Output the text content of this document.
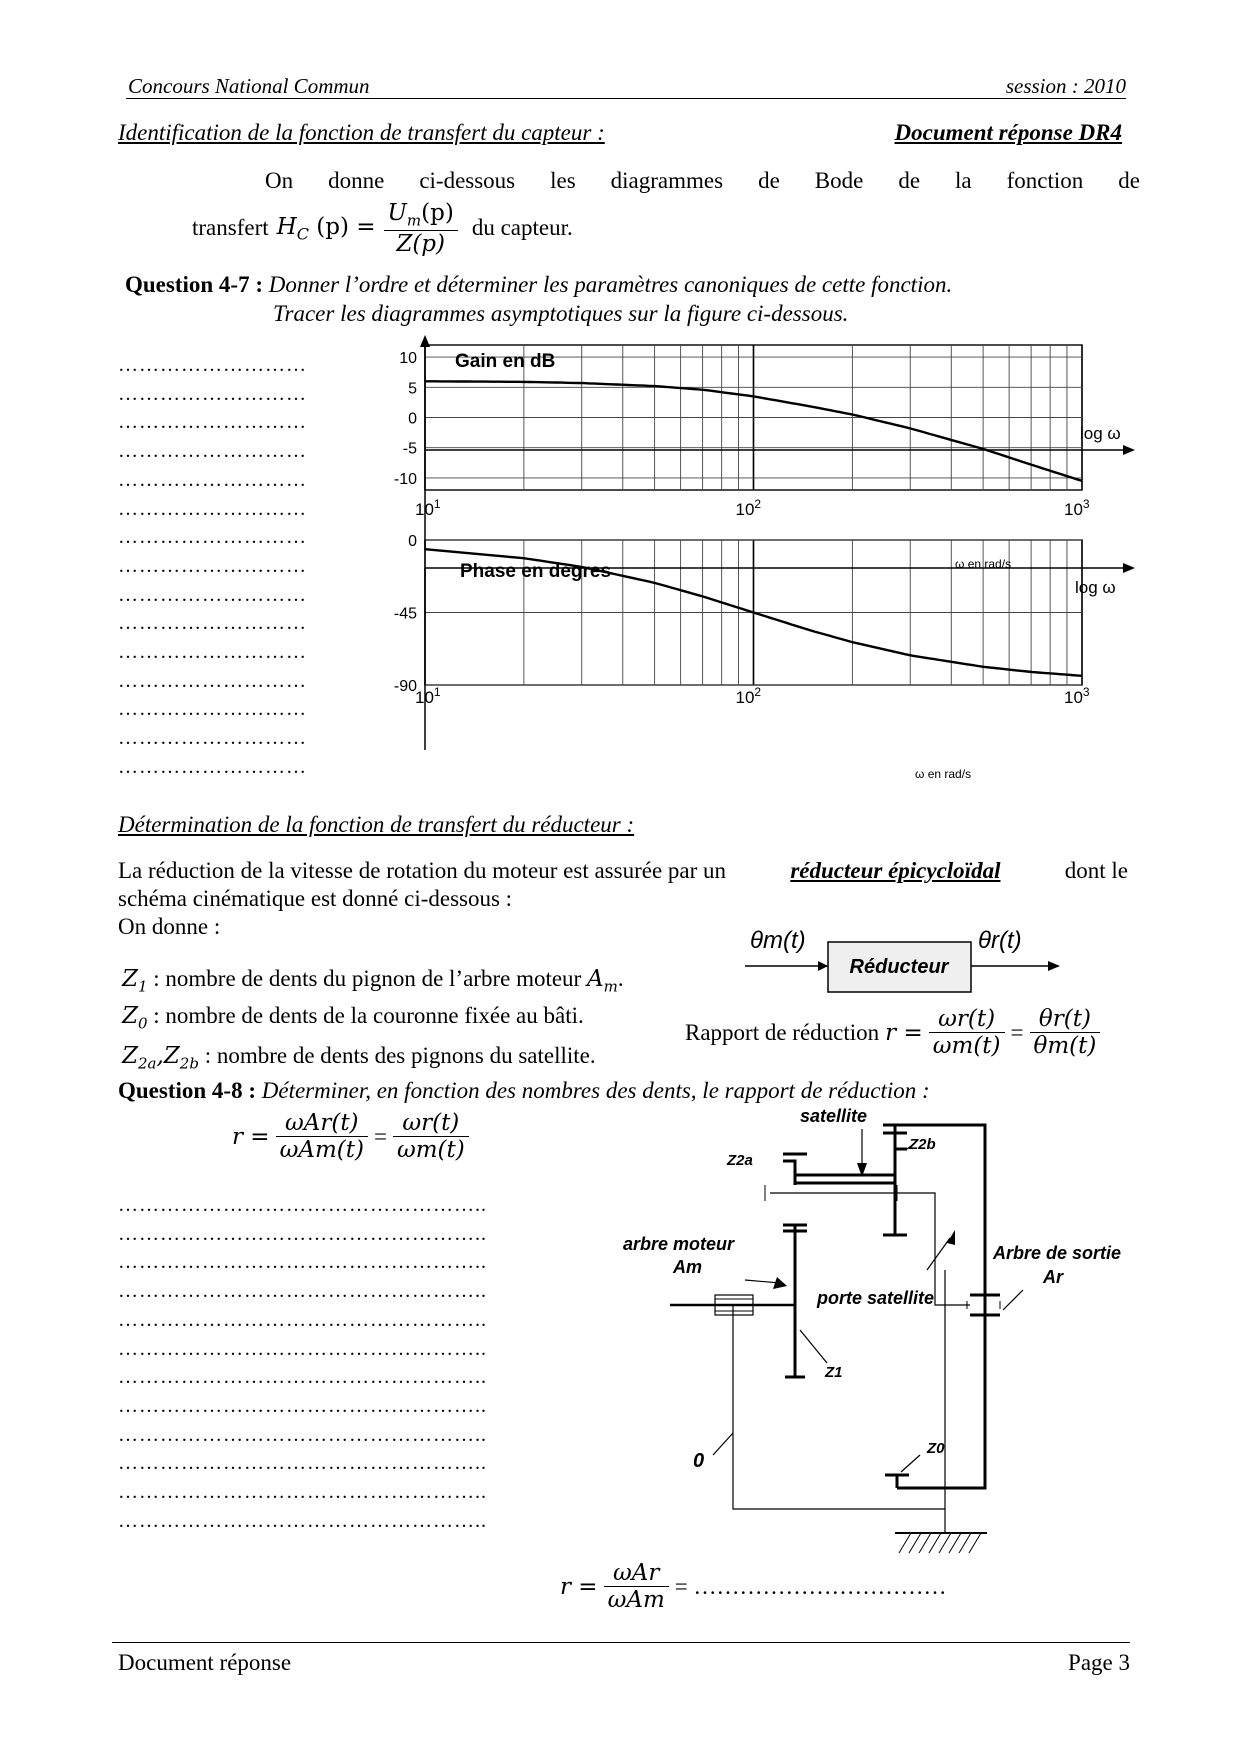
Concours National Commun	session : 2010
Identification de la fonction de transfert du capteur :	Document réponse DR4
On donne ci-dessous les diagrammes de Bode de la fonction de
transfert $H_C$ $(p) = \frac{U_m(p)}{Z(p)}$ du capteur.
Question 4-7 : Donner l’ordre et déterminer les paramètres canoniques de cette fonction.
Tracer les diagrammes asymptotiques sur la figure ci-dessous.
………………………
………………………
………………………
………………………
………………………
………………………
………………………
………………………
………………………
………………………
………………………
………………………
………………………
………………………
………………………
Gain en dB
log ω
ω en rad/s
10
5
0
-5
-10
$10^1$	$10^2$	$10^3$
Phase en degres
log ω
ω en rad/s
0
-45
-90
$10^1$	$10^2$	$10^3$
Détermination de la fonction de transfert du réducteur :
La réduction de la vitesse de rotation du moteur est assurée par un	réducteur épicycloïdal	dont le
schéma cinématique est donné ci-dessous :
On donne :
$Z_1$ : nombre de dents du pignon de l’arbre moteur $A_m$.
$Z_0$ : nombre de dents de la couronne fixée au bâti.
$Z_{2a},Z_{2b}$ : nombre de dents des pignons du satellite.
Réducteur
θm(t)	θr(t)
Rapport de réduction $r = \frac{\omega r(t)}{\omega m(t)} = \frac{\theta r(t)}{\theta m(t)}$
Question 4-8 : Déterminer, en fonction des nombres des dents, le rapport de réduction :
$r = \frac{\text{ωAr(t)}}{\text{ωAm(t)}} = \frac{\omega r(t)}{\omega m(t)}$
……………………………………………..
……………………………………………..
……………………………………………..
……………………………………………..
……………………………………………..
……………………………………………..
……………………………………………..
……………………………………………..
……………………………………………..
……………………………………………..
……………………………………………..
……………………………………………..
satellite
Z2a
Z2b
arbre moteur
Am
Arbre de sortie
Ar
porte satellite
Z1
Z0
0
$r = \frac{\text{ωAr}}{\text{ωAm}}$ = ……………………………
Document réponse	Page 3
